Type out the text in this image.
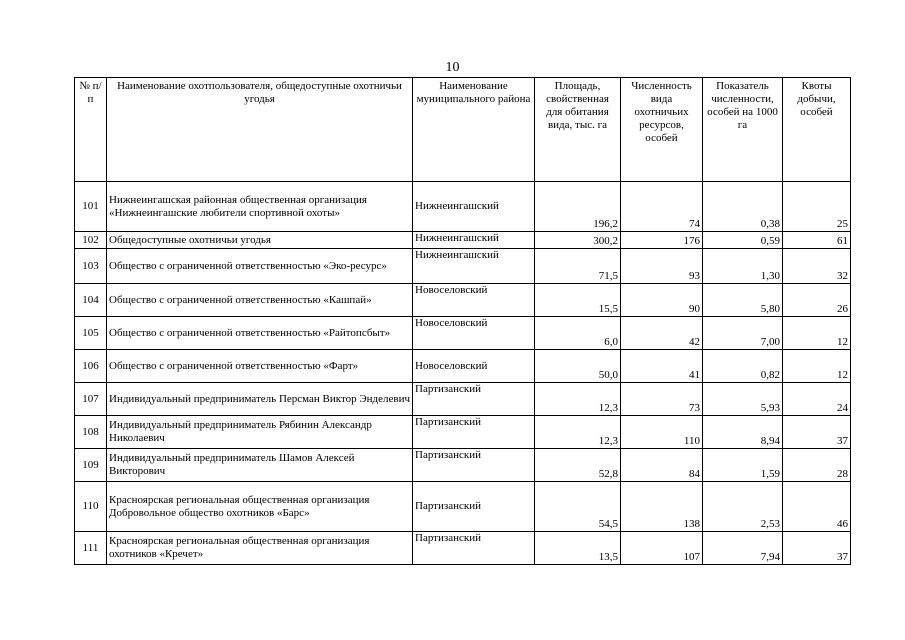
10
№ п/п	Наименование охотпользователя, общедоступные охотничьи угодья	Наименование муниципального района	Площадь, свойственная для обитания вида, тыс. га	Численность вида охотничьих ресурсов, особей	Показатель численности, особей на 1000 га	Квоты добычи, особей
101	Нижнеингашская районная общественная организация «Нижнеингашские любители спортивной охоты»	Нижнеингашский	196,2	74	0,38	25
102	Общедоступные охотничьи угодья	Нижнеингашский	300,2	176	0,59	61
103	Общество с ограниченной ответственностью «Эко-ресурс»	Нижнеингашский	71,5	93	1,30	32
104	Общество с ограниченной ответственностью «Кашпай»	Новоселовский	15,5	90	5,80	26
105	Общество с ограниченной ответственностью «Райтопсбыт»	Новоселовский	6,0	42	7,00	12
106	Общество с ограниченной ответственностью «Фарт»	Новоселовский	50,0	41	0,82	12
107	Индивидуальный предприниматель Персман Виктор Энделевич	Партизанский	12,3	73	5,93	24
108	Индивидуальный предприниматель Рябинин Александр Николаевич	Партизанский	12,3	110	8,94	37
109	Индивидуальный предприниматель Шамов Алексей Викторович	Партизанский	52,8	84	1,59	28
110	Красноярская региональная общественная организация Добровольное общество охотников «Барс»	Партизанский	54,5	138	2,53	46
111	Красноярская региональная общественная организация охотников «Кречет»	Партизанский	13,5	107	7,94	37
